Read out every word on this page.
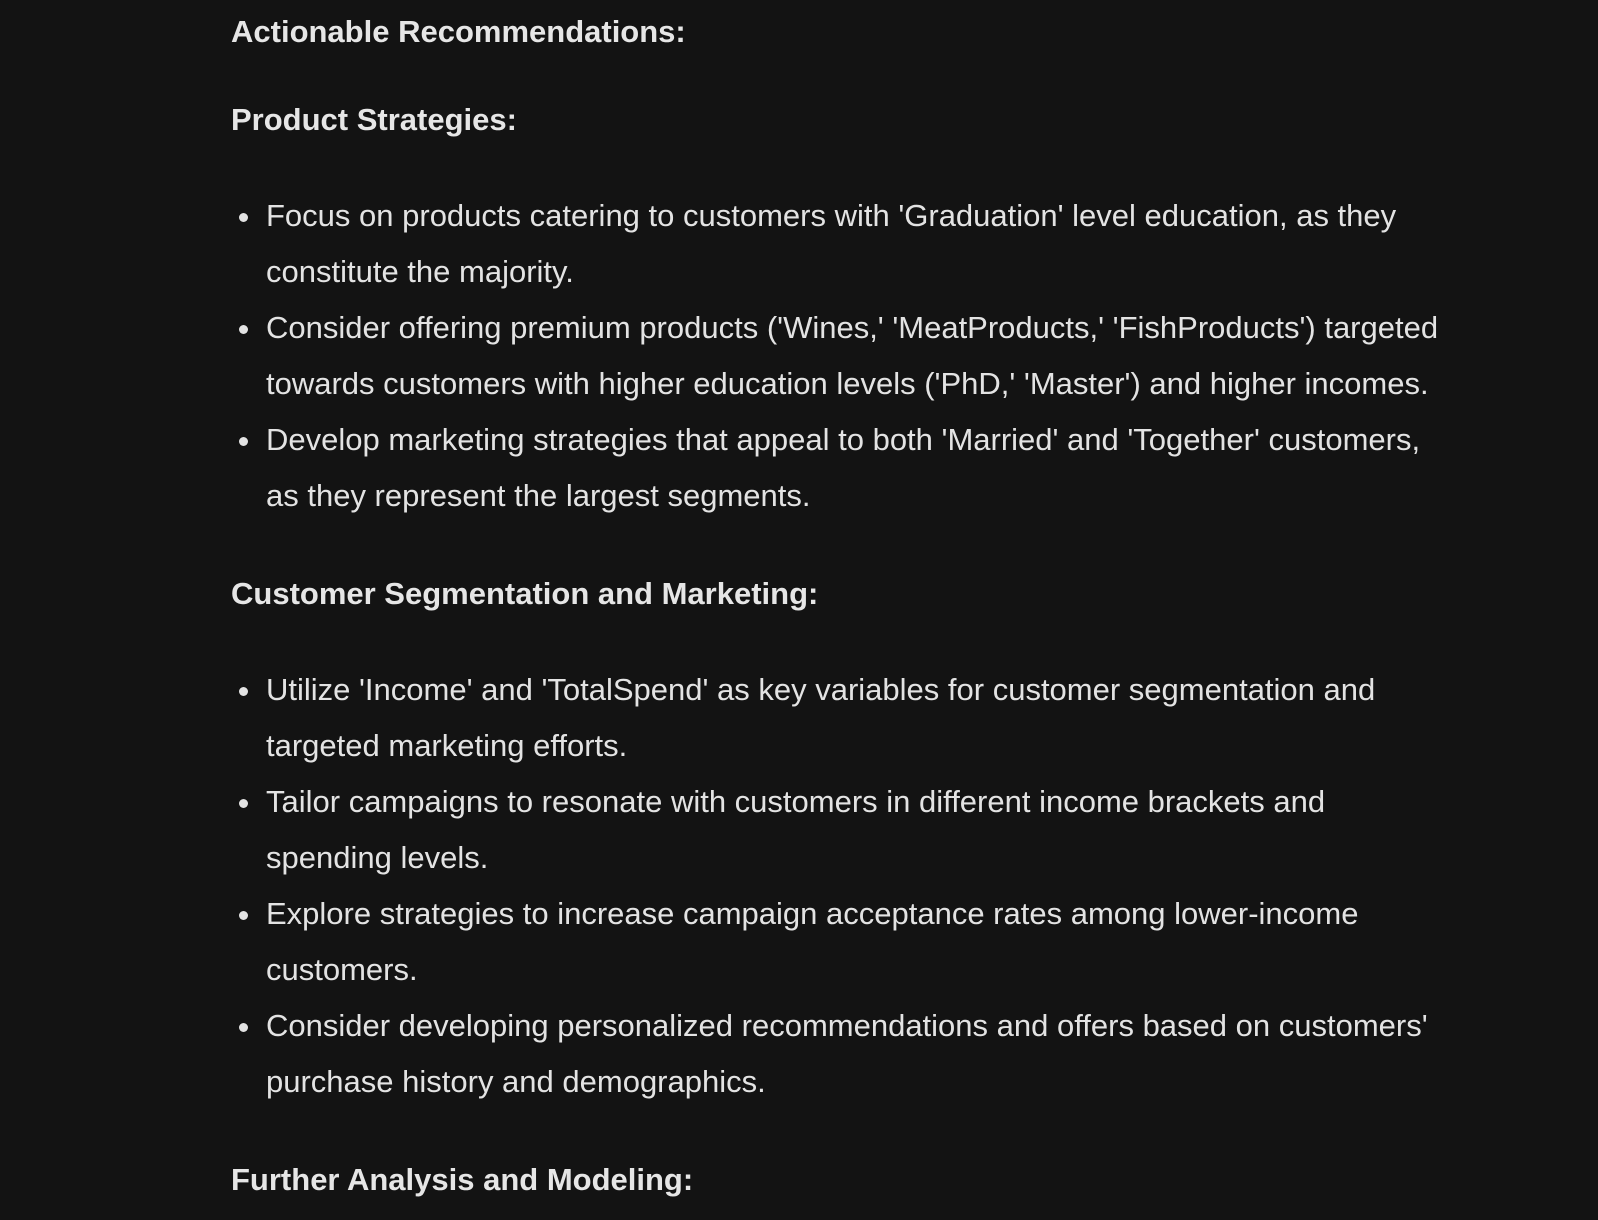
Actionable Recommendations:

Product Strategies:

Focus on products catering to customers with 'Graduation' level education, as they constitute the majority.
Consider offering premium products ('Wines,' 'MeatProducts,' 'FishProducts') targeted towards customers with higher education levels ('PhD,' 'Master') and higher incomes.
Develop marketing strategies that appeal to both 'Married' and 'Together' customers, as they represent the largest segments.

Customer Segmentation and Marketing:

Utilize 'Income' and 'TotalSpend' as key variables for customer segmentation and targeted marketing efforts.
Tailor campaigns to resonate with customers in different income brackets and spending levels.
Explore strategies to increase campaign acceptance rates among lower-income customers.
Consider developing personalized recommendations and offers based on customers' purchase history and demographics.

Further Analysis and Modeling:
